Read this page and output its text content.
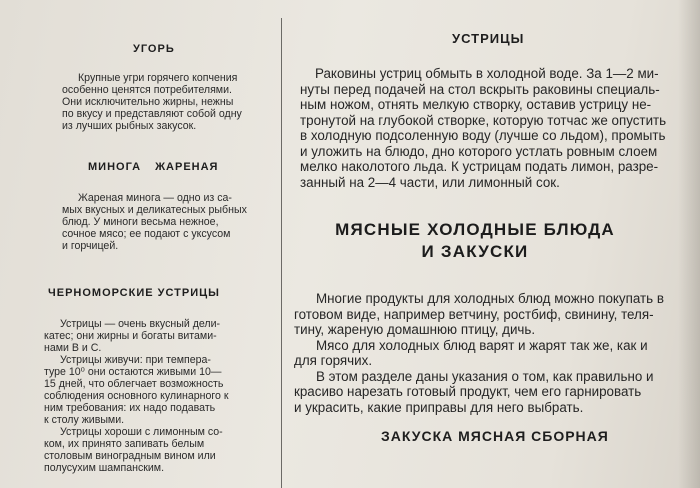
УГОРЬ
Крупные угри горячего копчения
особенно ценятся потребителями.
Они исключительно жирны, нежны
по вкусу и представляют собой одну
из лучших рыбных закусок.
МИНОГА ЖАРЕНАЯ
Жареная минога — одно из са-
мых вкусных и деликатесных рыбных
блюд. У миноги весьма нежное,
сочное мясо; ее подают с уксусом
и горчицей.
ЧЕРНОМОРСКИЕ УСТРИЦЫ
Устрицы — очень вкусный дели-
катес; они жирны и богаты витами-
нами В и С.
Устрицы живучи: при темпера-
туре 10⁰ они остаются живыми 10—
15 дней, что облегчает возможность
соблюдения основного кулинарного к
ним требования: их надо подавать
к столу живыми.
Устрицы хороши с лимонным со-
ком, их принято запивать белым
столовым виноградным вином или
полусухим шампанским.
УСТРИЦЫ
Раковины устриц обмыть в холодной воде. За 1—2 ми-
нуты перед подачей на стол вскрыть раковины специаль-
ным ножом, отнять мелкую створку, оставив устрицу не-
тронутой на глубокой створке, которую тотчас же опустить
в холодную подсоленную воду (лучше со льдом), промыть
и уложить на блюдо, дно которого устлать ровным слоем
мелко наколотого льда. К устрицам подать лимон, разре-
занный на 2—4 части, или лимонный сок.
МЯСНЫЕ ХОЛОДНЫЕ БЛЮДА
И ЗАКУСКИ
Многие продукты для холодных блюд можно покупать в
готовом виде, например ветчину, ростбиф, свинину, теля-
тину, жареную домашнюю птицу, дичь.
Мясо для холодных блюд варят и жарят так же, как и
для горячих.
В этом разделе даны указания о том, как правильно и
красиво нарезать готовый продукт, чем его гарнировать
и украсить, какие приправы для него выбрать.
ЗАКУСКА МЯСНАЯ СБОРНАЯ
